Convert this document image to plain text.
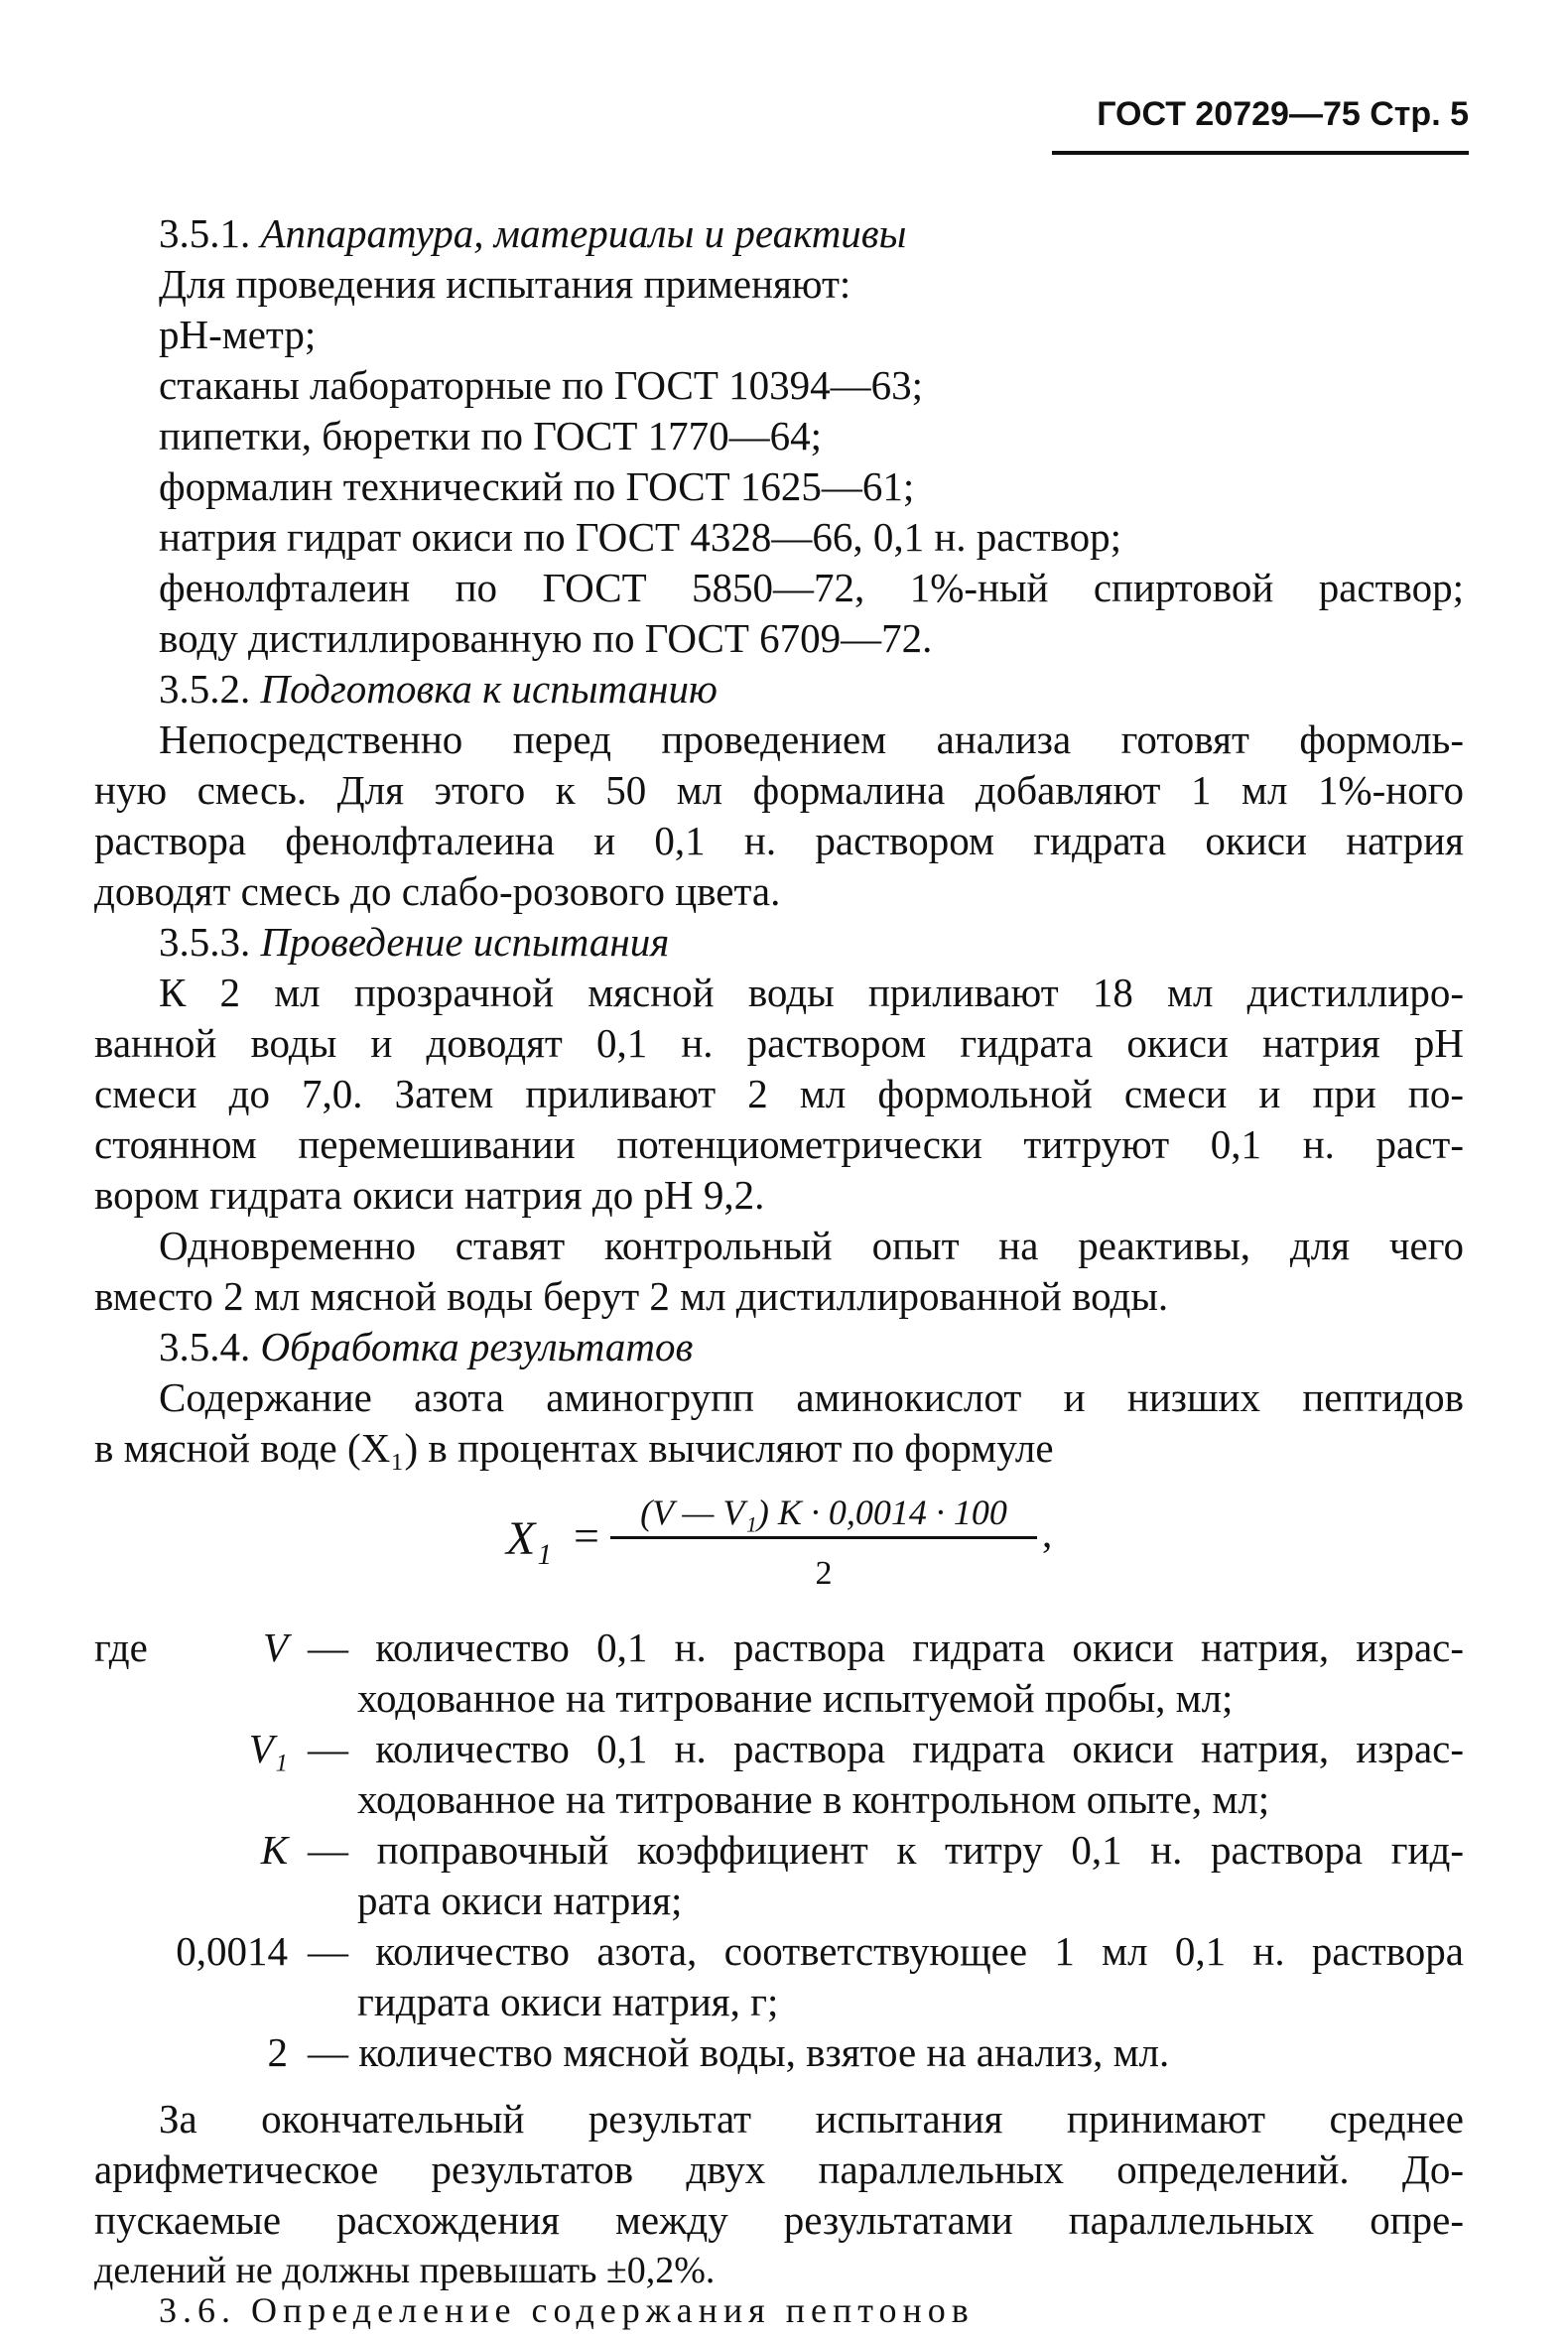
ГОСТ 20729—75 Стр. 5
3.5.1. Аппаратура, материалы и реактивы
Для проведения испытания применяют:
рН-метр;
стаканы лабораторные по ГОСТ 10394—63;
пипетки, бюретки по ГОСТ 1770—64;
формалин технический по ГОСТ 1625—61;
натрия гидрат окиси по ГОСТ 4328—66, 0,1 н. раствор;
фенолфталеин по ГОСТ 5850—72, 1%-ный спиртовой раствор;
воду дистиллированную по ГОСТ 6709—72.
3.5.2. Подготовка к испытанию
Непосредственно перед проведением анализа готовят формоль-
ную смесь. Для этого к 50 мл формалина добавляют 1 мл 1%-ного
раствора фенолфталеина и 0,1 н. раствором гидрата окиси натрия
доводят смесь до слабо-розового цвета.
3.5.3. Проведение испытания
К 2 мл прозрачной мясной воды приливают 18 мл дистиллиро-
ванной воды и доводят 0,1 н. раствором гидрата окиси натрия рН
смеси до 7,0. Затем приливают 2 мл формольной смеси и при по-
стоянном перемешивании потенциометрически титруют 0,1 н. раст-
вором гидрата окиси натрия до рН 9,2.
Одновременно ставят контрольный опыт на реактивы, для чего
вместо 2 мл мясной воды берут 2 мл дистиллированной воды.
3.5.4. Обработка результатов
Содержание азота аминогрупп аминокислот и низших пептидов
в мясной воде (X₁) в процентах вычисляют по формуле
X₁ =	(V — V₁) K · 0,0014 · 100
2
,
где	V — количество 0,1 н. раствора гидрата окиси натрия, израс-
ходованное на титрование испытуемой пробы, мл;
V₁ — количество 0,1 н. раствора гидрата окиси натрия, израс-
ходованное на титрование в контрольном опыте, мл;
К — поправочный коэффициент к титру 0,1 н. раствора гид-
рата окиси натрия;
0,0014 — количество азота, соответствующее 1 мл 0,1 н. раствора
гидрата окиси натрия, г;
2 — количество мясной воды, взятое на анализ, мл.
За окончательный результат испытания принимают среднее
арифметическое результатов двух параллельных определений. До-
пускаемые расхождения между результатами параллельных опре-
делений не должны превышать ±0,2%.
3.6. Определение содержания пептонов
